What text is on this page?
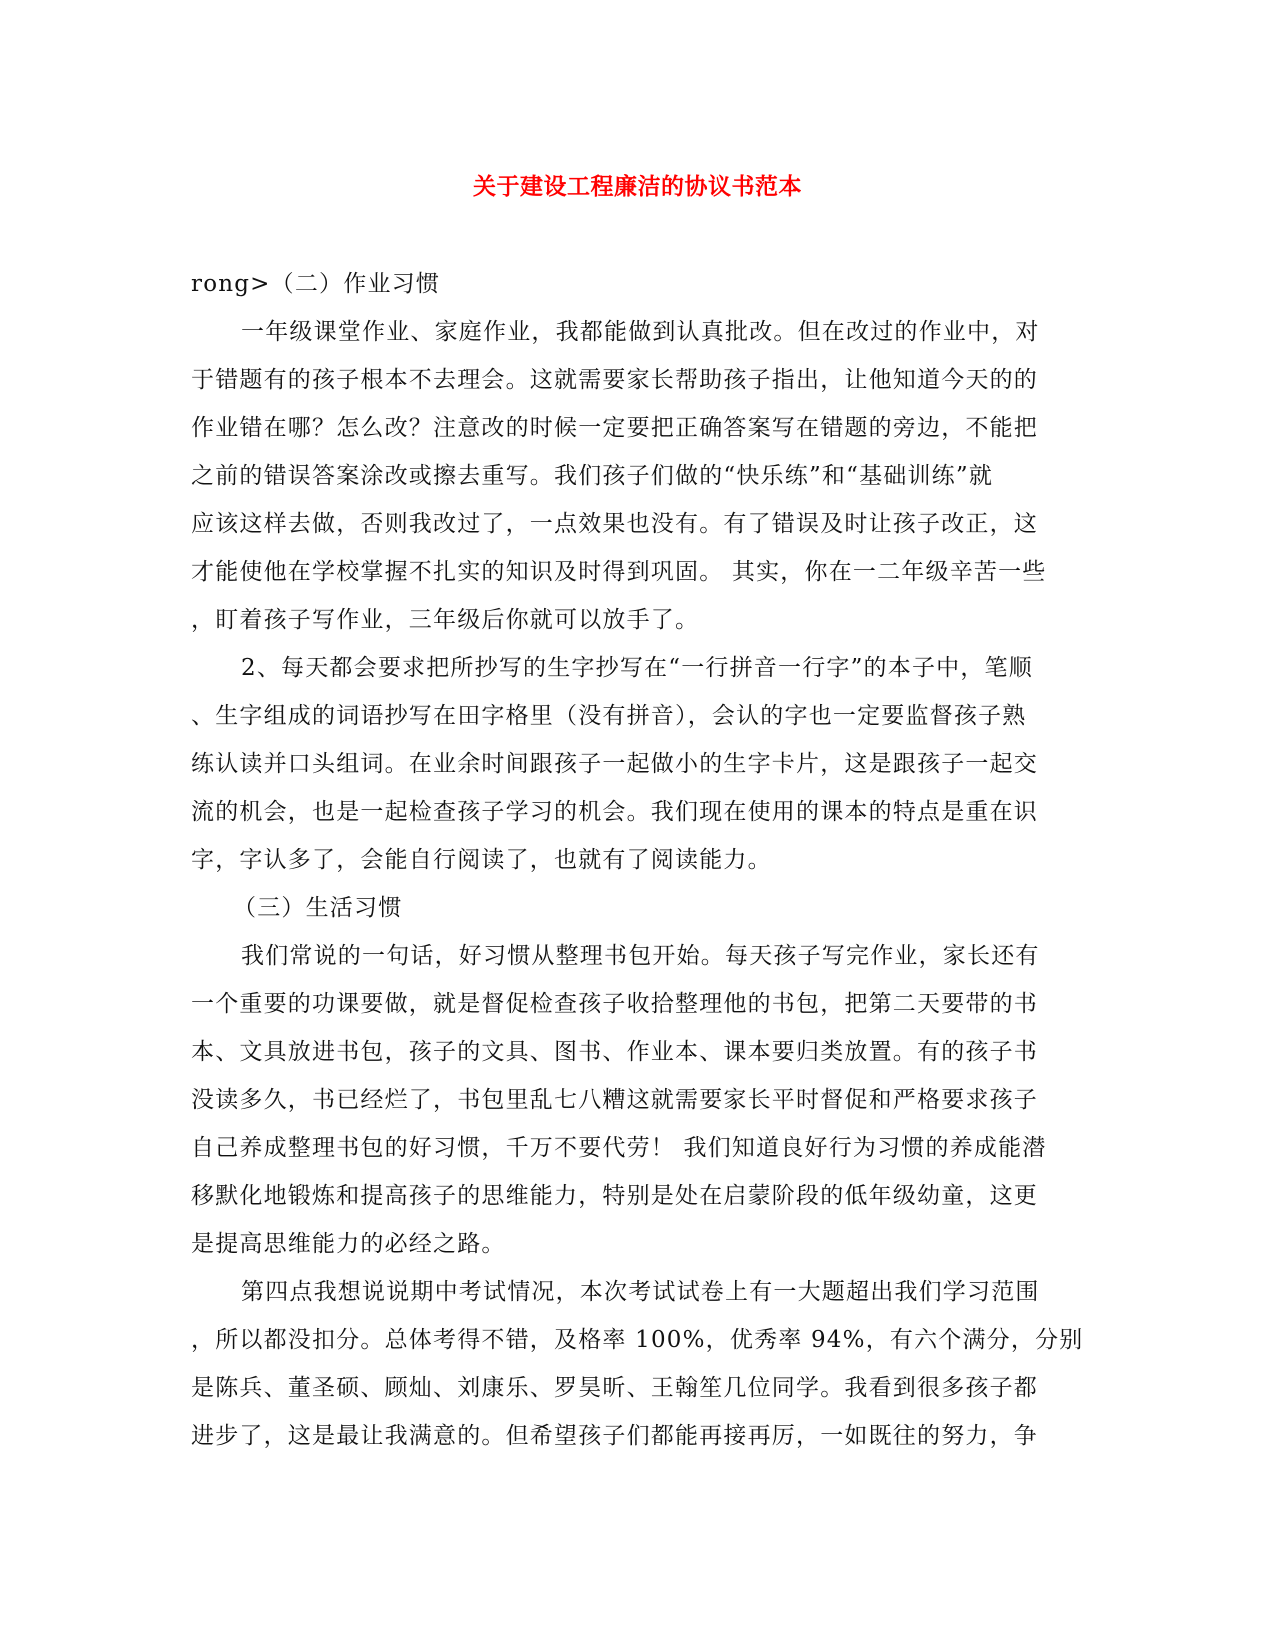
关于建设工程廉洁的协议书范本
rong>（二）作业习惯
一年级课堂作业、家庭作业，我都能做到认真批改。但在改过的作业中，对
于错题有的孩子根本不去理会。这就需要家长帮助孩子指出，让他知道今天的的
作业错在哪？怎么改？注意改的时候一定要把正确答案写在错题的旁边，不能把
之前的错误答案涂改或擦去重写。我们孩子们做的“快乐练”和“基础训练”就
应该这样去做，否则我改过了，一点效果也没有。有了错误及时让孩子改正，这
才能使他在学校掌握不扎实的知识及时得到巩固。 其实，你在一二年级辛苦一些
，盯着孩子写作业，三年级后你就可以放手了。
2、每天都会要求把所抄写的生字抄写在“一行拼音一行字”的本子中，笔顺
、生字组成的词语抄写在田字格里（没有拼音），会认的字也一定要监督孩子熟
练认读并口头组词。在业余时间跟孩子一起做小的生字卡片，这是跟孩子一起交
流的机会，也是一起检查孩子学习的机会。我们现在使用的课本的特点是重在识
字，字认多了，会能自行阅读了，也就有了阅读能力。
（三）生活习惯
我们常说的一句话，好习惯从整理书包开始。每天孩子写完作业，家长还有
一个重要的功课要做，就是督促检查孩子收拾整理他的书包，把第二天要带的书
本、文具放进书包，孩子的文具、图书、作业本、课本要归类放置。有的孩子书
没读多久，书已经烂了，书包里乱七八糟这就需要家长平时督促和严格要求孩子
自己养成整理书包的好习惯，千万不要代劳！ 我们知道良好行为习惯的养成能潜
移默化地锻炼和提高孩子的思维能力，特别是处在启蒙阶段的低年级幼童，这更
是提高思维能力的必经之路。
第四点我想说说期中考试情况，本次考试试卷上有一大题超出我们学习范围
，所以都没扣分。总体考得不错，及格率 100%，优秀率 94%，有六个满分，分别
是陈兵、董圣硕、顾灿、刘康乐、罗昊昕、王翰笙几位同学。我看到很多孩子都
进步了，这是最让我满意的。但希望孩子们都能再接再厉，一如既往的努力，争
